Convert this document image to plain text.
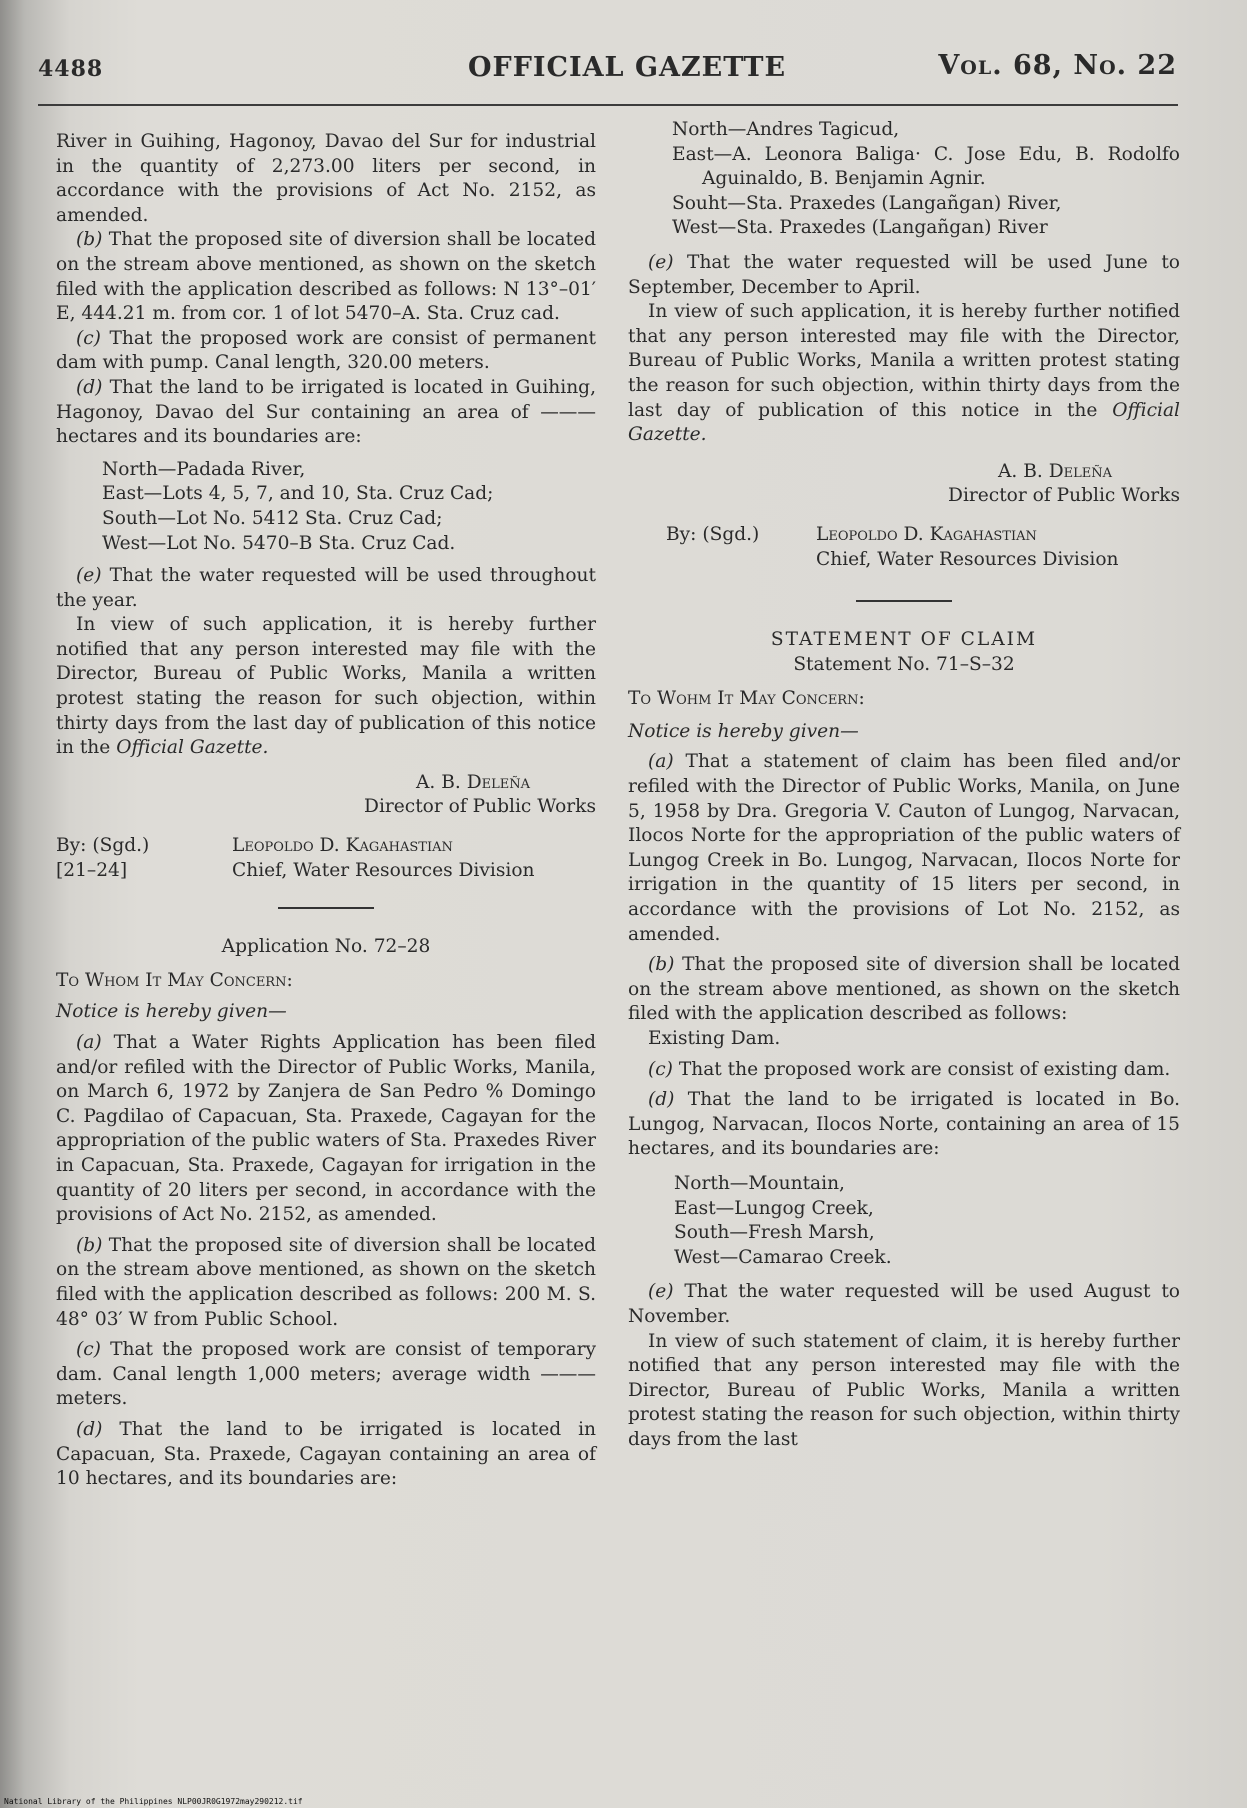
4488	OFFICIAL GAZETTE	Vol. 68, No. 22

River in Guihing, Hagonoy, Davao del Sur for industrial in the quantity of 2,273.00 liters per second, in accordance with the provisions of Act No. 2152, as amended.

(b) That the proposed site of diversion shall be located on the stream above mentioned, as shown on the sketch filed with the application described as follows: N 13°–01′ E, 444.21 m. from cor. 1 of lot 5470–A. Sta. Cruz cad.

(c) That the proposed work are consist of permanent dam with pump. Canal length, 320.00 meters.

(d) That the land to be irrigated is located in Guihing, Hagonoy, Davao del Sur containing an area of ——— hectares and its boundaries are:

North—Padada River,

East—Lots 4, 5, 7, and 10, Sta. Cruz Cad;

South—Lot No. 5412 Sta. Cruz Cad;

West—Lot No. 5470–B Sta. Cruz Cad.

(e) That the water requested will be used throughout the year.

In view of such application, it is hereby further notified that any person interested may file with the Director, Bureau of Public Works, Manila a written protest stating the reason for such objection, within thirty days from the last day of publication of this notice in the Official Gazette.

A. B. Deleña

Director of Public Works

By: (Sgd.)	Leopoldo D. Kagahastian
[21–24]	Chief, Water Resources Division

Application No. 72–28

To Whom It May Concern:

Notice is hereby given—

(a) That a Water Rights Application has been filed and/or refiled with the Director of Public Works, Manila, on March 6, 1972 by Zanjera de San Pedro % Domingo C. Pagdilao of Capacuan, Sta. Praxede, Cagayan for the appropriation of the public waters of Sta. Praxedes River in Capacuan, Sta. Praxede, Cagayan for irrigation in the quantity of 20 liters per second, in accordance with the provisions of Act No. 2152, as amended.

(b) That the proposed site of diversion shall be located on the stream above mentioned, as shown on the sketch filed with the application described as follows: 200 M. S. 48° 03′ W from Public School.

(c) That the proposed work are consist of temporary dam. Canal length 1,000 meters; average width ——— meters.

(d) That the land to be irrigated is located in Capacuan, Sta. Praxede, Cagayan containing an area of 10 hectares, and its boundaries are:

North—Andres Tagicud,

East—A. Leonora Baliga· C. Jose Edu, B. Rodolfo Aguinaldo, B. Benjamin Agnir.

Souht—Sta. Praxedes (Langañgan) River,

West—Sta. Praxedes (Langañgan) River

(e) That the water requested will be used June to September, December to April.

In view of such application, it is hereby further notified that any person interested may file with the Director, Bureau of Public Works, Manila a written protest stating the reason for such objection, within thirty days from the last day of publication of this notice in the Official Gazette.

A. B. Deleña

Director of Public Works

By: (Sgd.)	Leopoldo D. Kagahastian
Chief, Water Resources Division

STATEMENT OF CLAIM

Statement No. 71–S–32

To Wohm It May Concern:

Notice is hereby given—

(a) That a statement of claim has been filed and/or refiled with the Director of Public Works, Manila, on June 5, 1958 by Dra. Gregoria V. Cauton of Lungog, Narvacan, Ilocos Norte for the appropriation of the public waters of Lungog Creek in Bo. Lungog, Narvacan, Ilocos Norte for irrigation in the quantity of 15 liters per second, in accordance with the provisions of Lot No. 2152, as amended.

(b) That the proposed site of diversion shall be located on the stream above mentioned, as shown on the sketch filed with the application described as follows:

Existing Dam.

(c) That the proposed work are consist of existing dam.

(d) That the land to be irrigated is located in Bo. Lungog, Narvacan, Ilocos Norte, containing an area of 15 hectares, and its boundaries are:

North—Mountain,

East—Lungog Creek,

South—Fresh Marsh,

West—Camarao Creek.

(e) That the water requested will be used August to November.

In view of such statement of claim, it is hereby further notified that any person interested may file with the Director, Bureau of Public Works, Manila a written protest stating the reason for such objection, within thirty days from the last

National Library of the Philippines NLP00JR0G1972may290212.tif
